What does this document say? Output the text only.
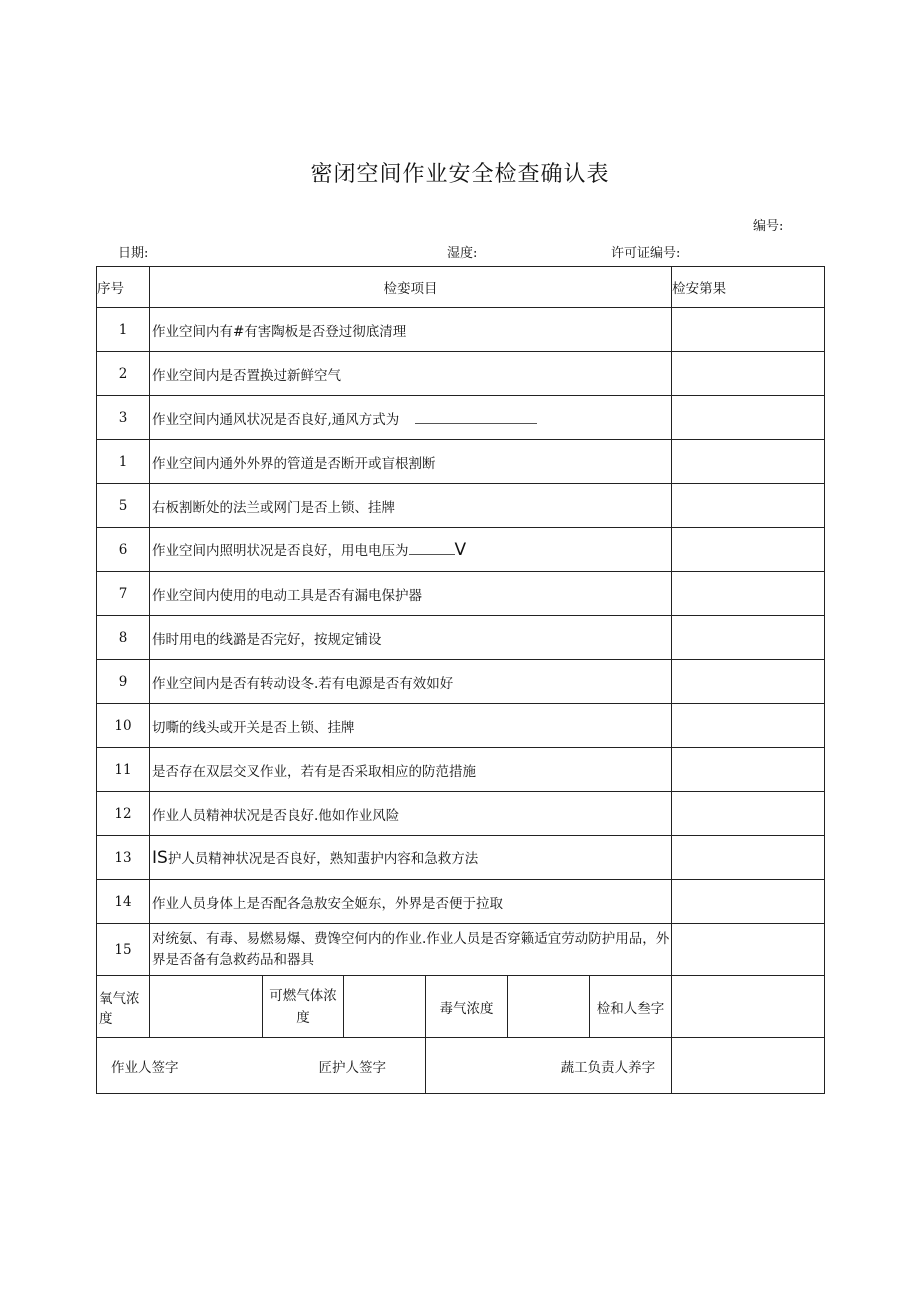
密闭空间作业安全检查确认表
编号:
日期:	湿度:	许可证编号:
序号	检娈项目						检安第果
1	作业空间内有#有害陶板是否登过彻底清理						
2	作业空间内是否置换过新鲜空气						
3	作业空间内通风状况是否良好,通风方式为						
1	作业空间内通外外界的管道是否断开或盲根割断						
5	右板割断处的法兰或网门是否上锁、挂牌						
6	作业空间内照明状况是否良好，用电电压为 V						
7	作业空间内使用的电动工具是否有漏电保护器						
8	伟时用电的线潞是否完好，按规定铺设						
9	作业空间内是否有转动设冬.若有电源是否有效如好						
10	切嘶的线头或开关是否上锁、挂牌						
11	是否存在双层交叉作业，若有是否采取相应的防范措施						
12	作业人员精神状况是否良好.他如作业风险						
13	IS护人员精神状况是否良好，熟知蜚护内容和急救方法						
14	作业人员身体上是否配各急敖安全姬东，外界是否便于拉取						
15	对统氨、有毒、易燃易爆、费馋空何内的作业.作业人员是否穿籁适宜劳动防护用品，外界是否备有急救药品和器具						
氧气浓度		可燃气体浓度		毒气浓度		检和人叁字	
作业人签字 匠护人签字				蔬工负责人养字			
